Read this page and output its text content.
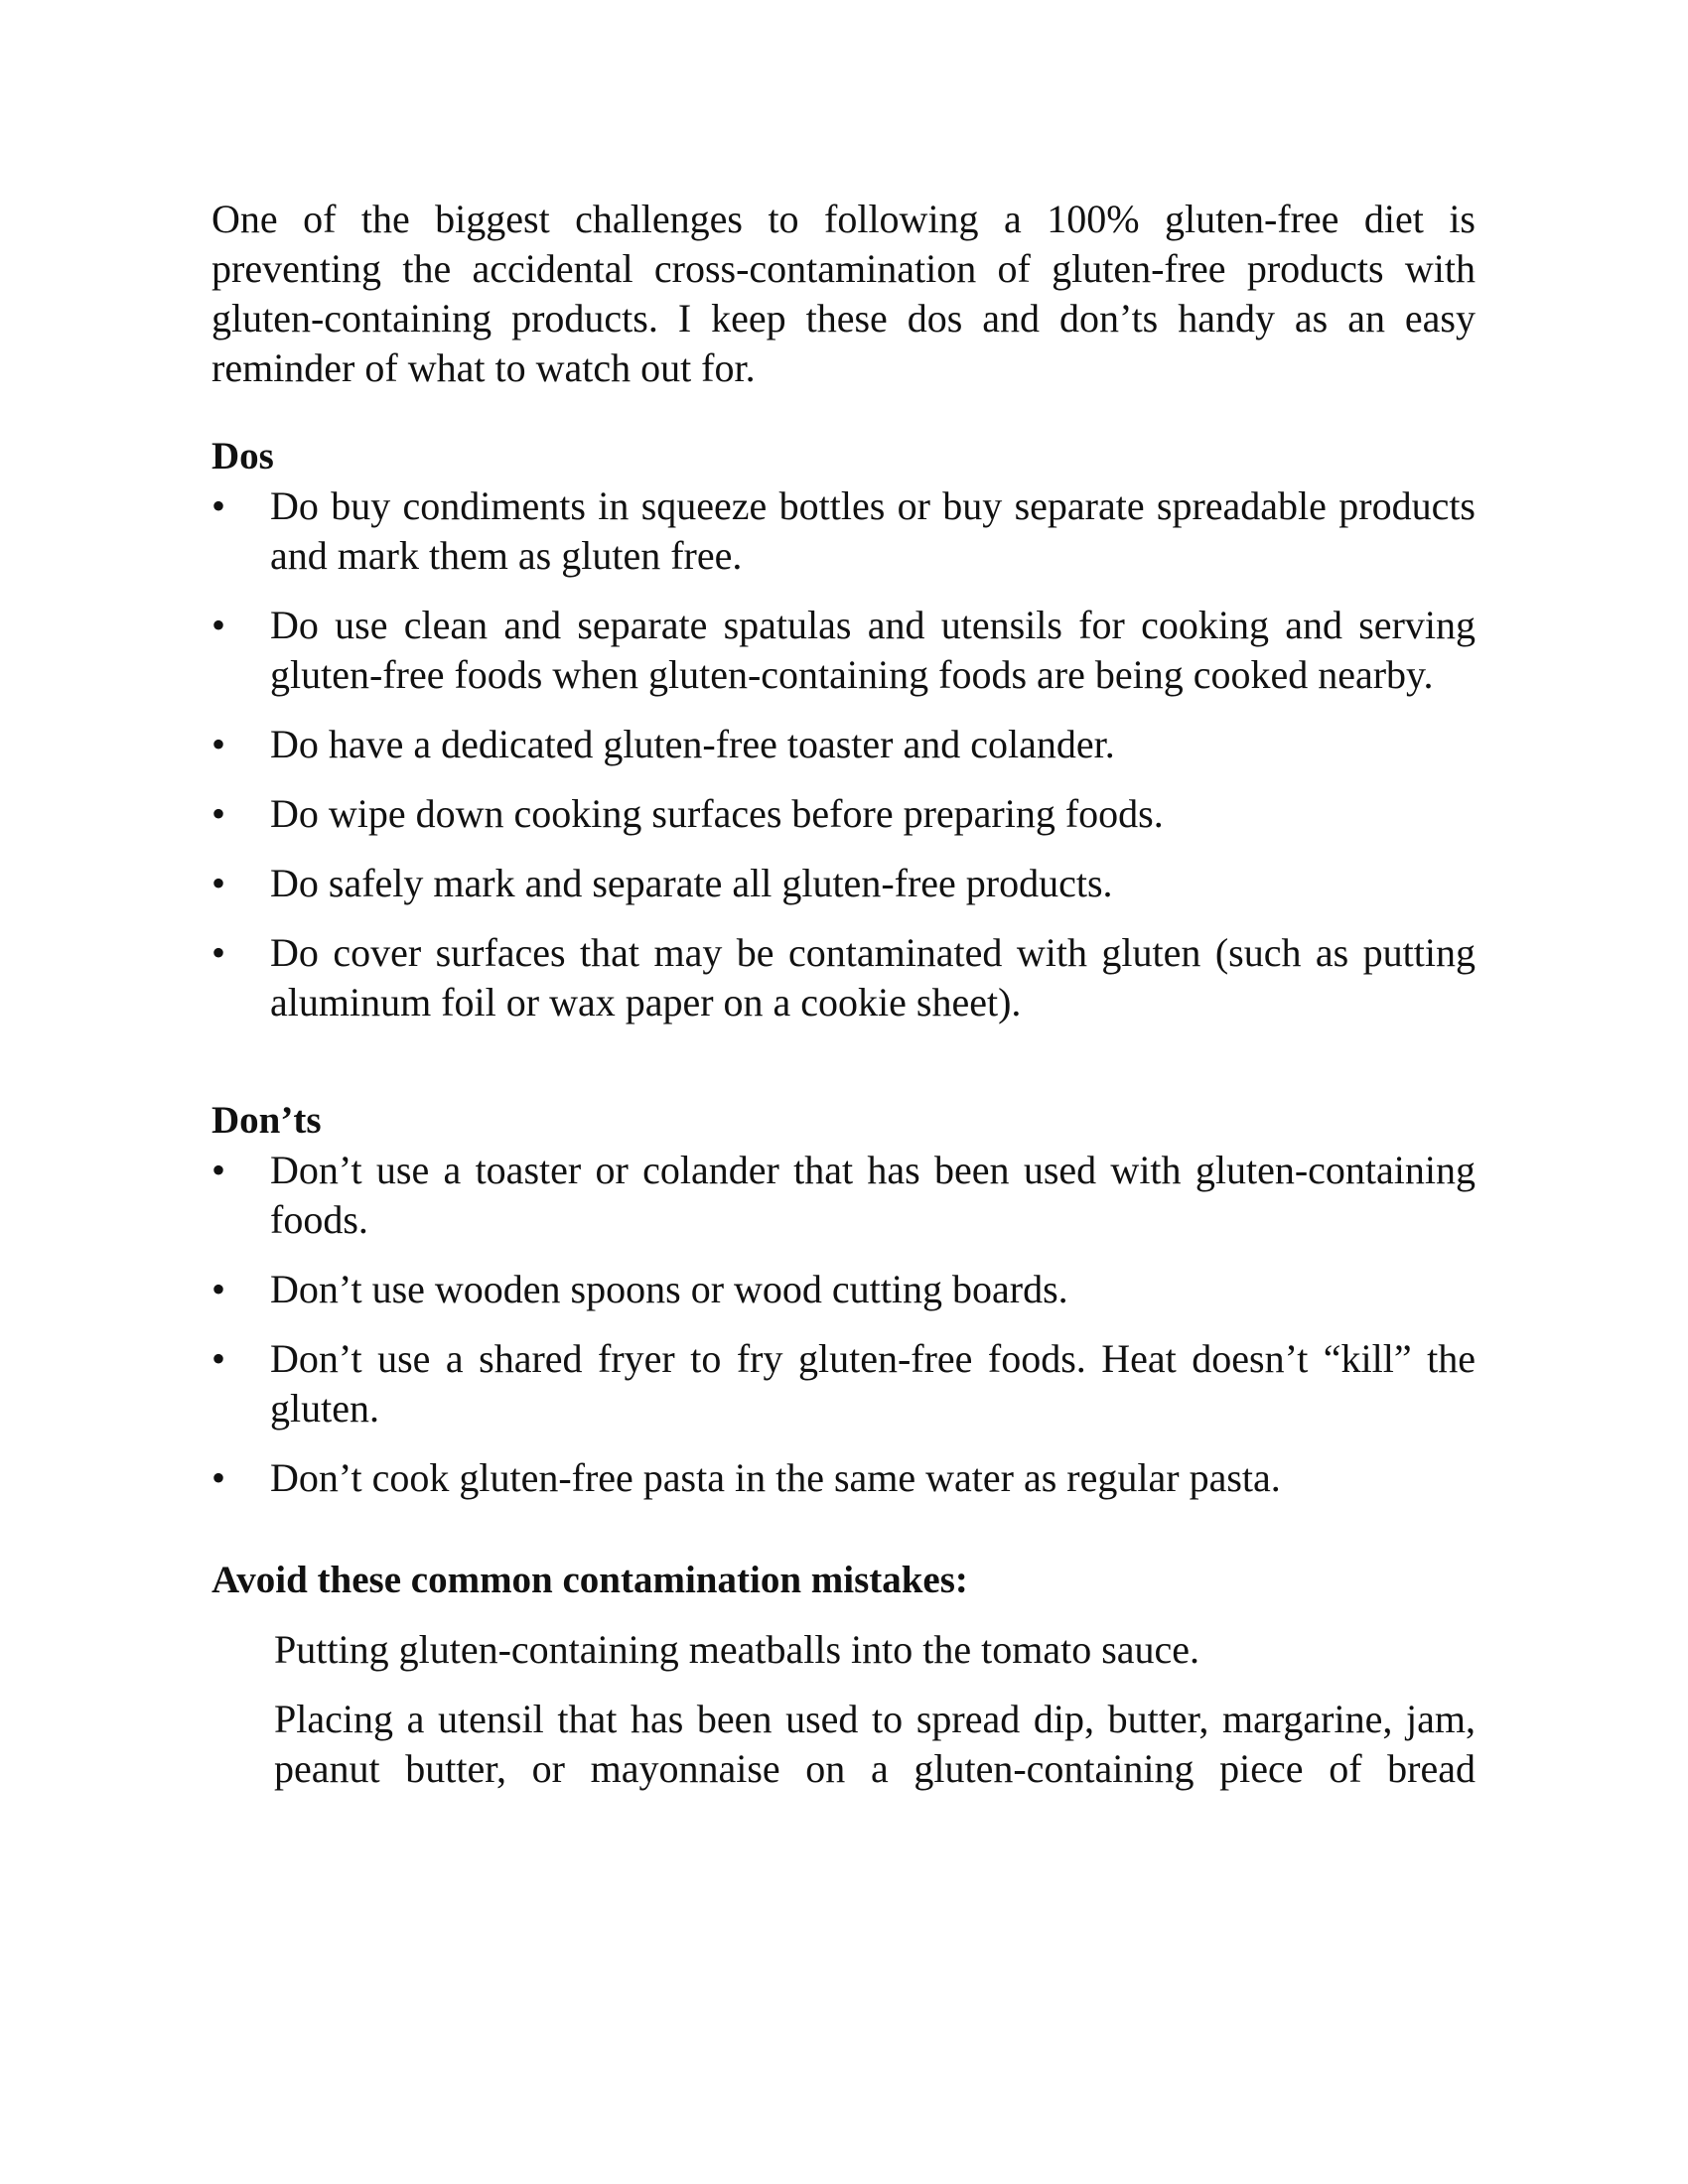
One of the biggest challenges to following a 100% gluten-free diet is preventing the accidental cross-contamination of gluten-free products with gluten-containing products. I keep these dos and don’ts handy as an easy reminder of what to watch out for.

Dos
• Do buy condiments in squeeze bottles or buy separate spreadable products and mark them as gluten free.
• Do use clean and separate spatulas and utensils for cooking and serving gluten-free foods when gluten-containing foods are being cooked nearby.
• Do have a dedicated gluten-free toaster and colander.
• Do wipe down cooking surfaces before preparing foods.
• Do safely mark and separate all gluten-free products.
• Do cover surfaces that may be contaminated with gluten (such as putting aluminum foil or wax paper on a cookie sheet).
Don’ts
• Don’t use a toaster or colander that has been used with gluten-containing foods.
• Don’t use wooden spoons or wood cutting boards.
• Don’t use a shared fryer to fry gluten-free foods. Heat doesn’t “kill” the gluten.
• Don’t cook gluten-free pasta in the same water as regular pasta.
Avoid these common contamination mistakes:

Putting gluten-containing meatballs into the tomato sauce.

Placing a utensil that has been used to spread dip, butter, margarine, jam, peanut butter, or mayonnaise on a gluten-containing piece of bread
